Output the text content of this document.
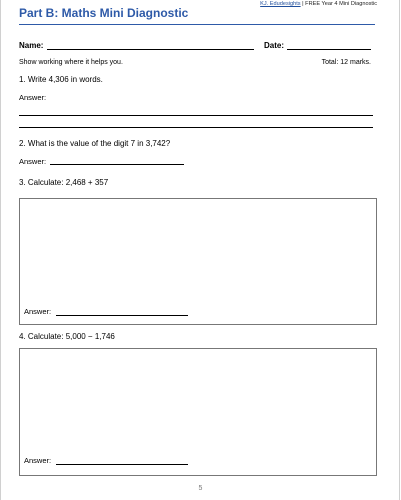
KJ. Edudesights | FREE Year 4 Mini Diagnostic
Part B: Maths Mini Diagnostic
Name:	Date:
Show working where it helps you.	Total: 12 marks.
1. Write 4,306 in words.
Answer:
2. What is the value of the digit 7 in 3,742?
Answer:
3. Calculate: 2,468 + 357
Answer:
4. Calculate: 5,000 − 1,746
Answer:
5
